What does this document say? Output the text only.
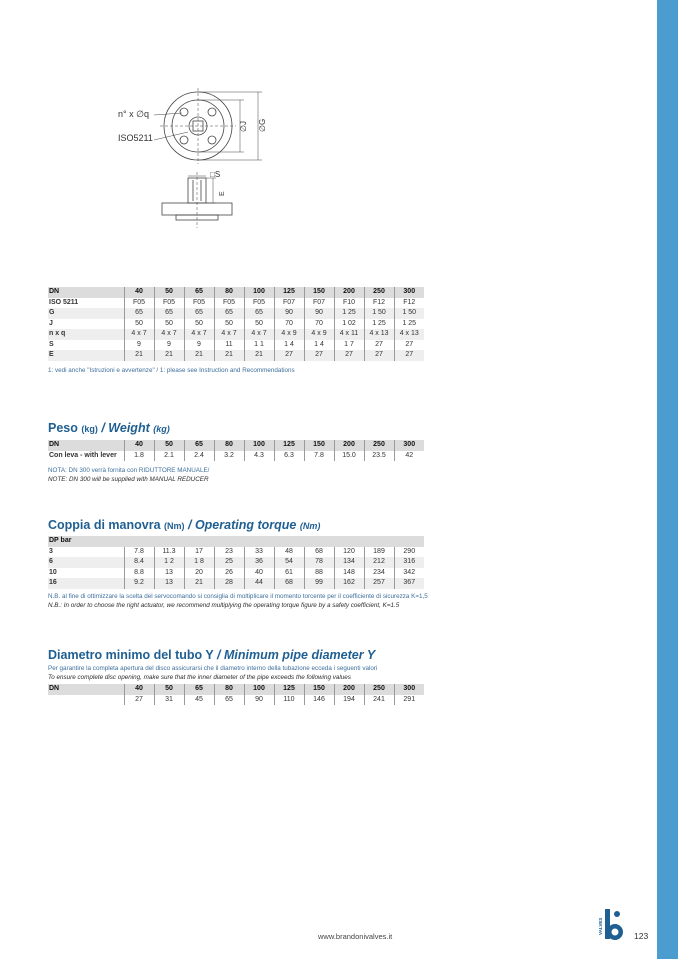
n° x ∅q
ISO5211
∅J ∅G
□S
E
DN	40	50	65	80	100	125	150	200	250	300
ISO 5211	F05	F05	F05	F05	F05	F07	F07	F10	F12	F12
G	65	65	65	65	65	90	90	1 25	1 50	1 50
J	50	50	50	50	50	70	70	1 02	1 25	1 25
n x q	4 x 7	4 x 7	4 x 7	4 x 7	4 x 7	4 x 9	4 x 9	4 x 11	4 x 13	4 x 13
S	9	9	9	11	1 1	1 4	1 4	1 7	27	27
E	21	21	21	21	21	27	27	27	27	27
1: vedi anche "Istruzioni e avvertenze" / 1: please see Instruction and Recommendations
Peso (kg) / Weight (kg)
DN	40	50	65	80	100	125	150	200	250	300
Con leva - with lever	1.8	2.1	2.4	3.2	4.3	6.3	7.8	15.0	23.5	42
NOTA: DN 300 verrà fornita con RIDUTTORE MANUALE/
NOTE: DN 300 will be supplied with MANUAL REDUCER
Coppia di manovra (Nm) / Operating torque (Nm)
DP bar										
3	7.8	11.3	17	23	33	48	68	120	189	290
6	8.4	1 2	1 8	25	36	54	78	134	212	316
10	8.8	13	20	26	40	61	88	148	234	342
16	9.2	13	21	28	44	68	99	162	257	367
N.B. al fine di ottimizzare la scelta del servocomando si consiglia di moltiplicare il momento torcente per il coefficiente di sicurezza K=1,5
N.B.: In order to choose the right actuator, we recommend multiplying the operating torque figure by a safety coefficient, K=1.5
Diametro minimo del tubo Y / Minimum pipe diameter Y
Per garantire la completa apertura del disco assicurarsi che il diametro interno della tubazione ecceda i seguenti valori
To ensure complete disc opening, make sure that the inner diameter of the pipe exceeds the following values
DN	40	50	65	80	100	125	150	200	250	300
	27	31	45	65	90	110	146	194	241	291
www.brandonivalves.it
VALVES
123
